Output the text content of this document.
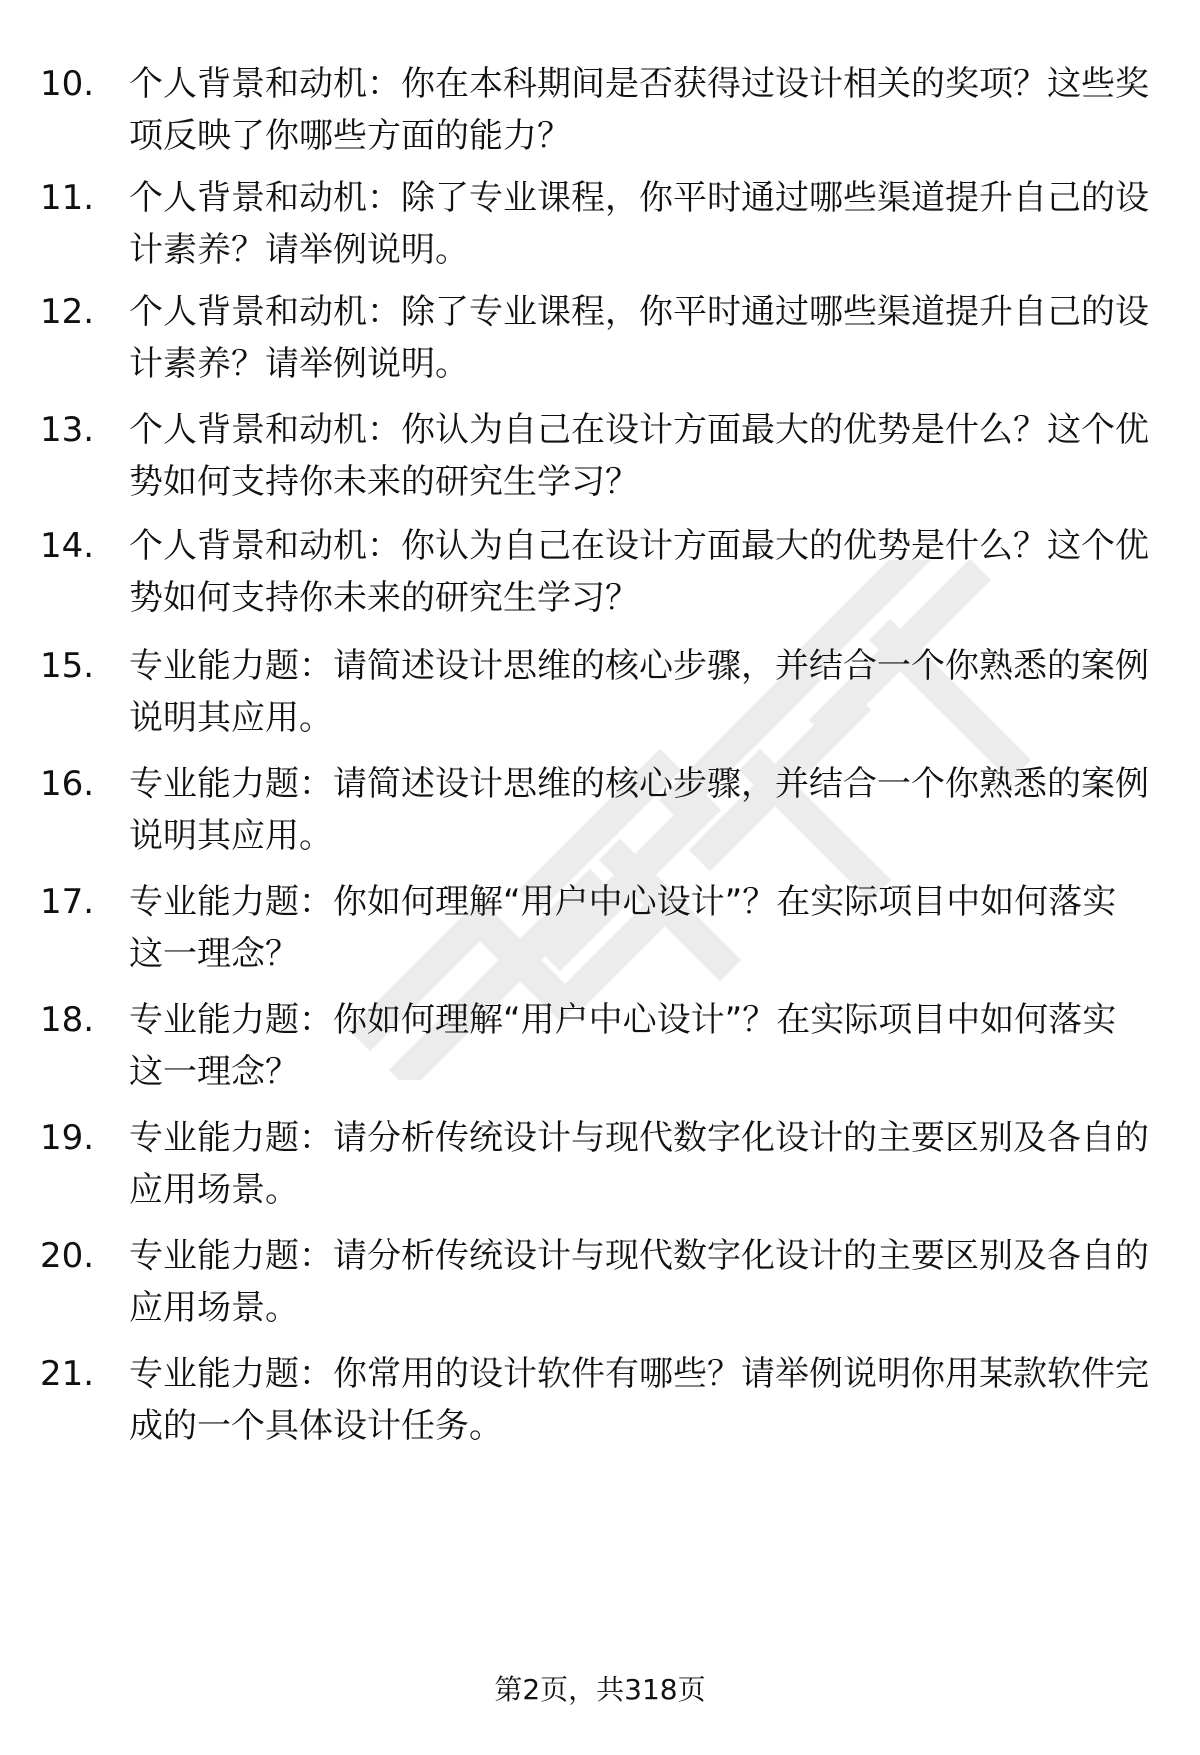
10.	个人背景和动机：你在本科期间是否获得过设计相关的奖项？这些奖项反映了你哪些方面的能力？
11.	个人背景和动机：除了专业课程，你平时通过哪些渠道提升自己的设计素养？请举例说明。
12.	个人背景和动机：除了专业课程，你平时通过哪些渠道提升自己的设计素养？请举例说明。
13.	个人背景和动机：你认为自己在设计方面最大的优势是什么？这个优势如何支持你未来的研究生学习？
14.	个人背景和动机：你认为自己在设计方面最大的优势是什么？这个优势如何支持你未来的研究生学习？
15.	专业能力题：请简述设计思维的核心步骤，并结合一个你熟悉的案例说明其应用。
16.	专业能力题：请简述设计思维的核心步骤，并结合一个你熟悉的案例说明其应用。
17.	专业能力题：你如何理解“用户中心设计”？在实际项目中如何落实这一理念？
18.	专业能力题：你如何理解“用户中心设计”？在实际项目中如何落实这一理念？
19.	专业能力题：请分析传统设计与现代数字化设计的主要区别及各自的应用场景。
20.	专业能力题：请分析传统设计与现代数字化设计的主要区别及各自的应用场景。
21.	专业能力题：你常用的设计软件有哪些？请举例说明你用某款软件完成的一个具体设计任务。
第2页，共318页
